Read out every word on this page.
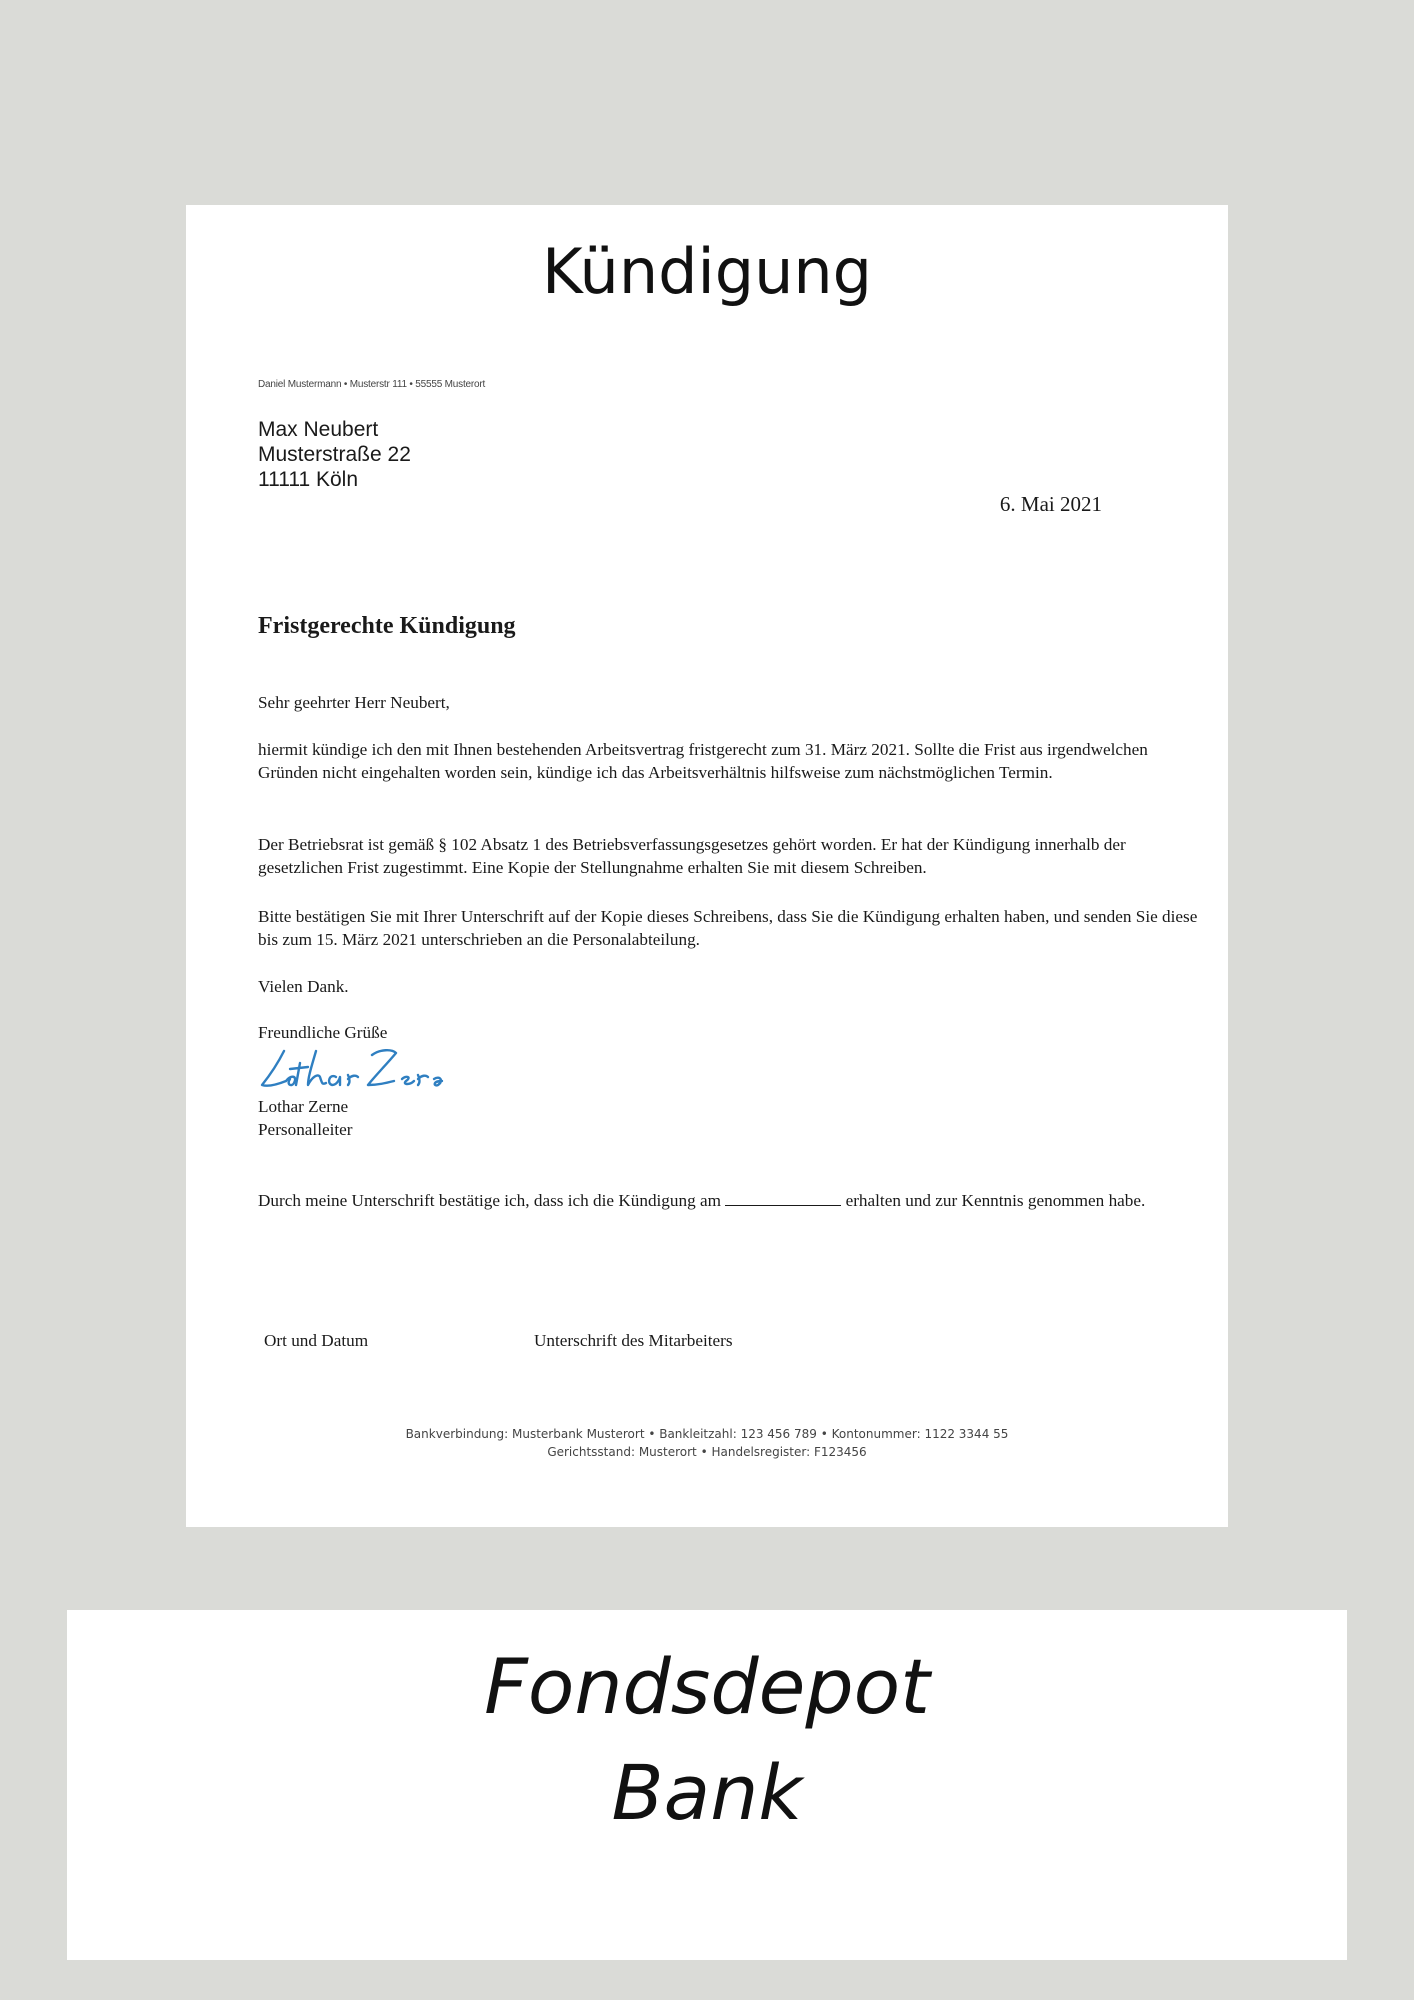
Kündigung
Daniel Mustermann • Musterstr 111 • 55555 Musterort
Max Neubert
Musterstraße 22
11111 Köln
6. Mai 2021
Fristgerechte Kündigung

Sehr geehrter Herr Neubert,

hiermit kündige ich den mit Ihnen bestehenden Arbeitsvertrag fristgerecht zum 31. März 2021. Sollte die Frist aus irgendwelchen Gründen nicht eingehalten worden sein, kündige ich das Arbeitsverhältnis hilfsweise zum nächstmöglichen Termin.

Der Betriebsrat ist gemäß § 102 Absatz 1 des Betriebsverfassungsgesetzes gehört worden. Er hat der Kündigung innerhalb der gesetzlichen Frist zugestimmt. Eine Kopie der Stellungnahme erhalten Sie mit diesem Schreiben.

Bitte bestätigen Sie mit Ihrer Unterschrift auf der Kopie dieses Schreibens, dass Sie die Kündigung erhalten haben, und senden Sie diese bis zum 15. März 2021 unterschrieben an die Personalabteilung.

Vielen Dank.

Freundliche Grüße

Lothar Zerne
Personalleiter

Durch meine Unterschrift bestätige ich, dass ich die Kündigung am	erhalten und zur Kenntnis genommen habe.

Ort und Datum	Unterschrift des Mitarbeiters
Bankverbindung: Musterbank Musterort • Bankleitzahl: 123 456 789 • Kontonummer: 1122 3344 55
Gerichtsstand: Musterort • Handelsregister: F123456
Fondsdepot
Bank
